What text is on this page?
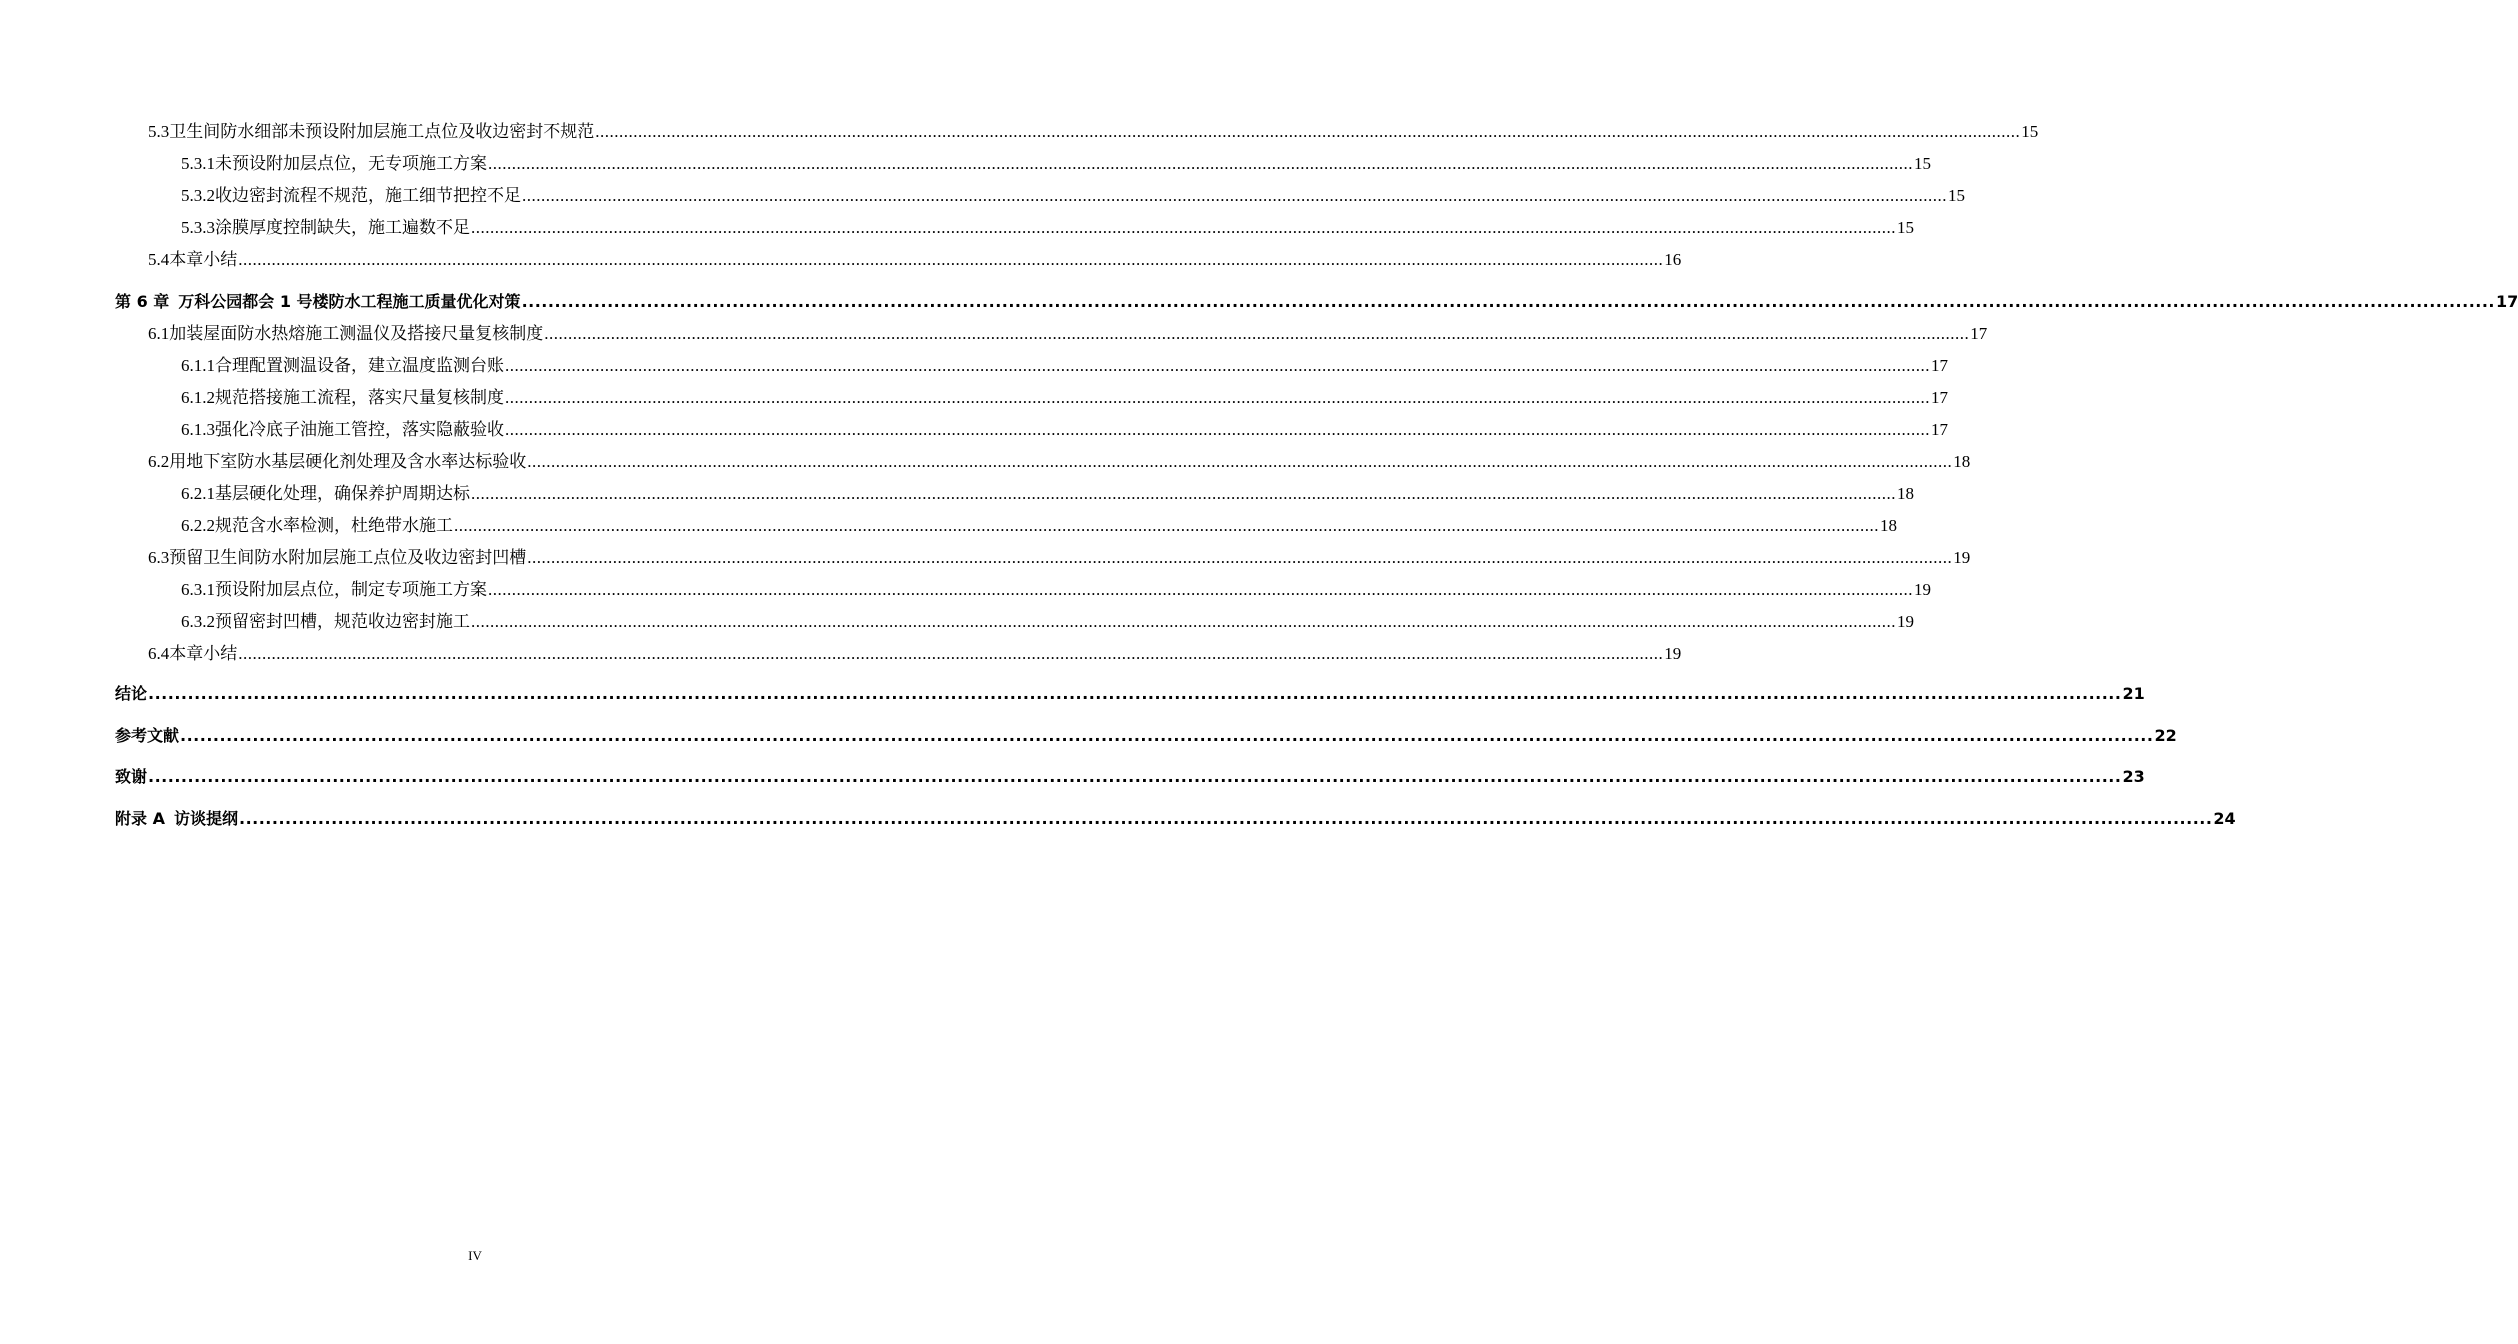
5.3 卫生间防水细部未预设附加层施工点位及收边密封不规范 ............................................................................................................................................................................................................................................................................................................ 15
5.3.1 未预设附加层点位，无专项施工方案 ............................................................................................................................................................................................................................................................................................................ 15
5.3.2 收边密封流程不规范，施工细节把控不足 ............................................................................................................................................................................................................................................................................................................ 15
5.3.3 涂膜厚度控制缺失，施工遍数不足 ............................................................................................................................................................................................................................................................................................................ 15
5.4 本章小结 ............................................................................................................................................................................................................................................................................................................ 16
第 6 章 万科公园都会 1 号楼防水工程施工质量优化对策 ............................................................................................................................................................................................................................................................................................................ 17
6.1 加装屋面防水热熔施工测温仪及搭接尺量复核制度 ............................................................................................................................................................................................................................................................................................................ 17
6.1.1 合理配置测温设备，建立温度监测台账 ............................................................................................................................................................................................................................................................................................................ 17
6.1.2 规范搭接施工流程，落实尺量复核制度 ............................................................................................................................................................................................................................................................................................................ 17
6.1.3 强化冷底子油施工管控，落实隐蔽验收 ............................................................................................................................................................................................................................................................................................................ 17
6.2 用地下室防水基层硬化剂处理及含水率达标验收 ............................................................................................................................................................................................................................................................................................................ 18
6.2.1 基层硬化处理，确保养护周期达标 ............................................................................................................................................................................................................................................................................................................ 18
6.2.2 规范含水率检测，杜绝带水施工 ............................................................................................................................................................................................................................................................................................................ 18
6.3 预留卫生间防水附加层施工点位及收边密封凹槽 ............................................................................................................................................................................................................................................................................................................ 19
6.3.1 预设附加层点位，制定专项施工方案 ............................................................................................................................................................................................................................................................................................................ 19
6.3.2 预留密封凹槽，规范收边密封施工 ............................................................................................................................................................................................................................................................................................................ 19
6.4 本章小结 ............................................................................................................................................................................................................................................................................................................ 19
结论 ............................................................................................................................................................................................................................................................................................................ 21
参考文献 ............................................................................................................................................................................................................................................................................................................ 22
致谢 ............................................................................................................................................................................................................................................................................................................ 23
附录 A 访谈提纲 ............................................................................................................................................................................................................................................................................................................ 24
IV
